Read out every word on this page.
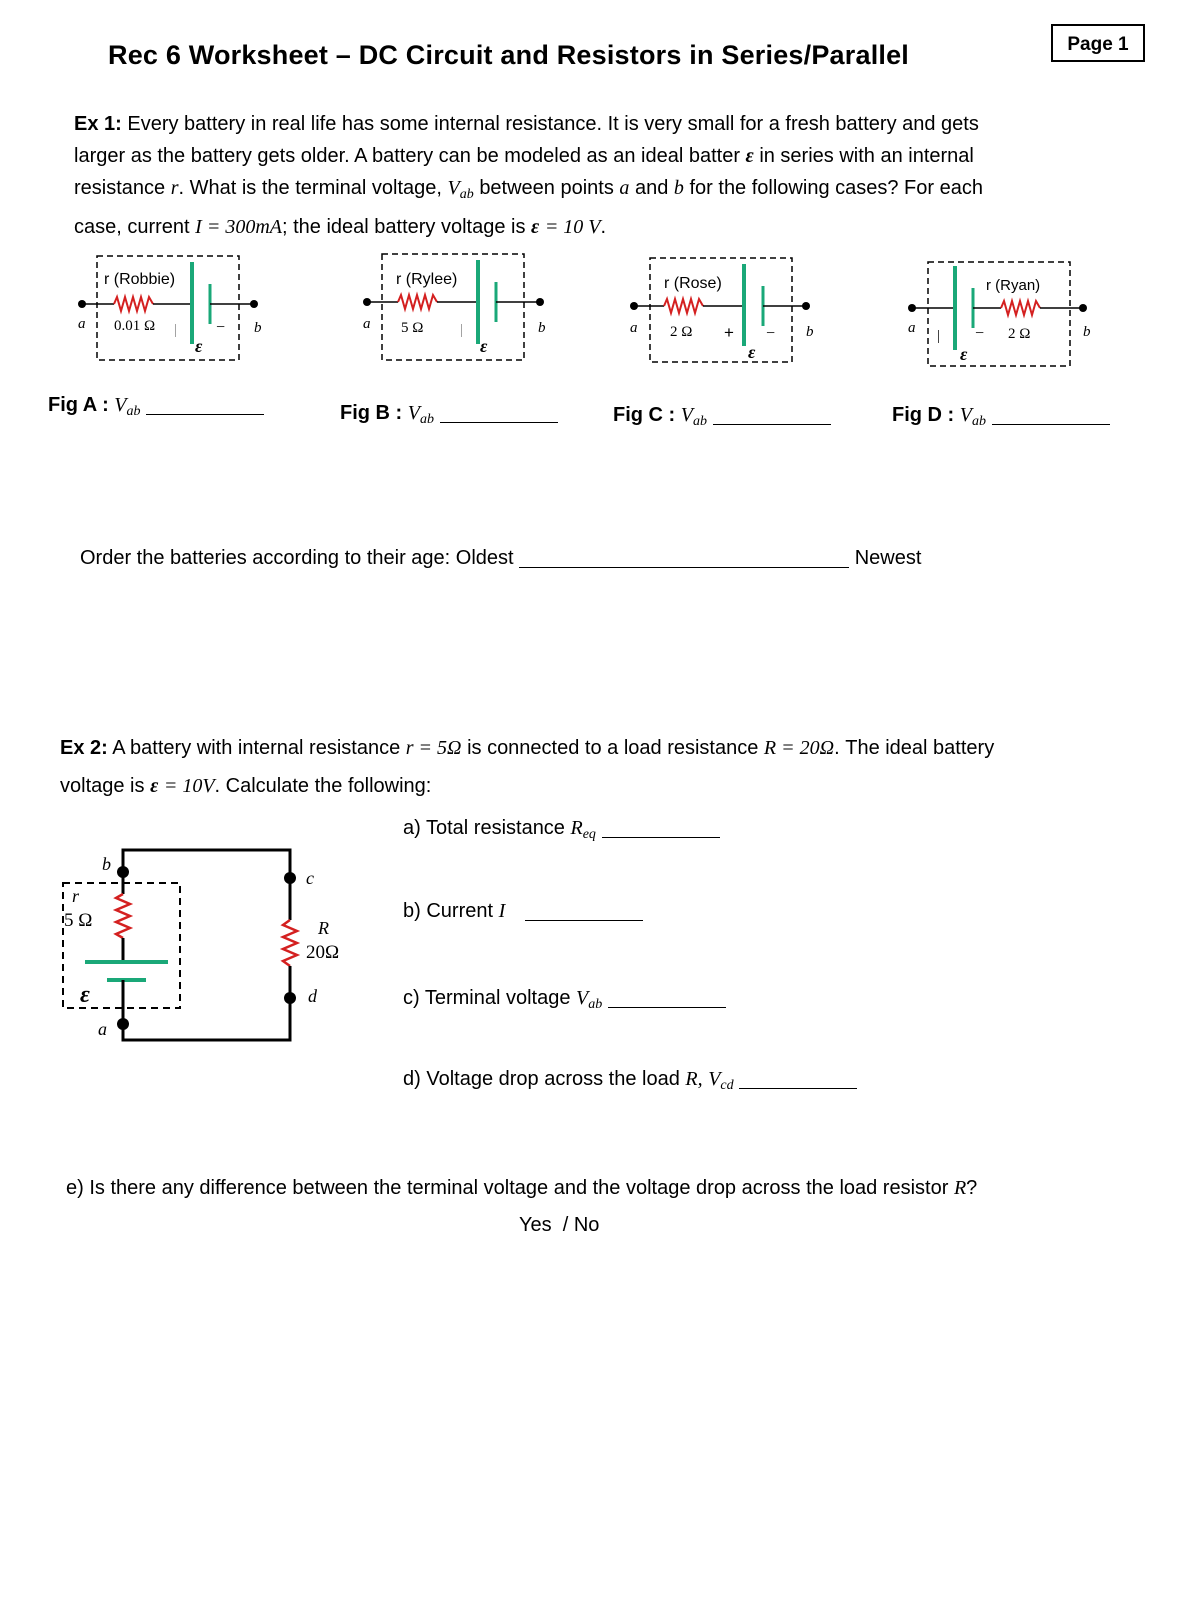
Rec 6 Worksheet – DC Circuit and Resistors in Series/Parallel	Page 1
Ex 1: Every battery in real life has some internal resistance. It is very small for a fresh battery and gets
larger as the battery gets older. A battery can be modeled as an ideal batter ε in series with an internal
resistance r. What is the terminal voltage, $V_{ab}$ between points a and b for the following cases? For each
case, current I = 300mA; the ideal battery voltage is ε = 10 V.
r (Robbie)
0.01 Ω
a	b
| −
ε
r (Rylee)
5 Ω
a	b
|
ε
r (Rose)
2 Ω
a	b
+ −
ε
r (Ryan)
2 Ω
a	b
| −
ε
Fig A : $V_{ab}$	Fig B : $V_{ab}$	Fig C : $V_{ab}$	Fig D : $V_{ab}$
Order the batteries according to their age: Oldest	Newest
Ex 2: A battery with internal resistance r = 5Ω is connected to a load resistance R = 20Ω. The ideal battery
voltage is ε = 10V. Calculate the following:
b
a
c
d
r
5 Ω	R
20Ω
ε
a) Total resistance $R_{eq}$
b) Current I
c) Terminal voltage $V_{ab}$
d) Voltage drop across the load R, $V_{cd}$
e) Is there any difference between the terminal voltage and the voltage drop across the load resistor R?
Yes  / No
